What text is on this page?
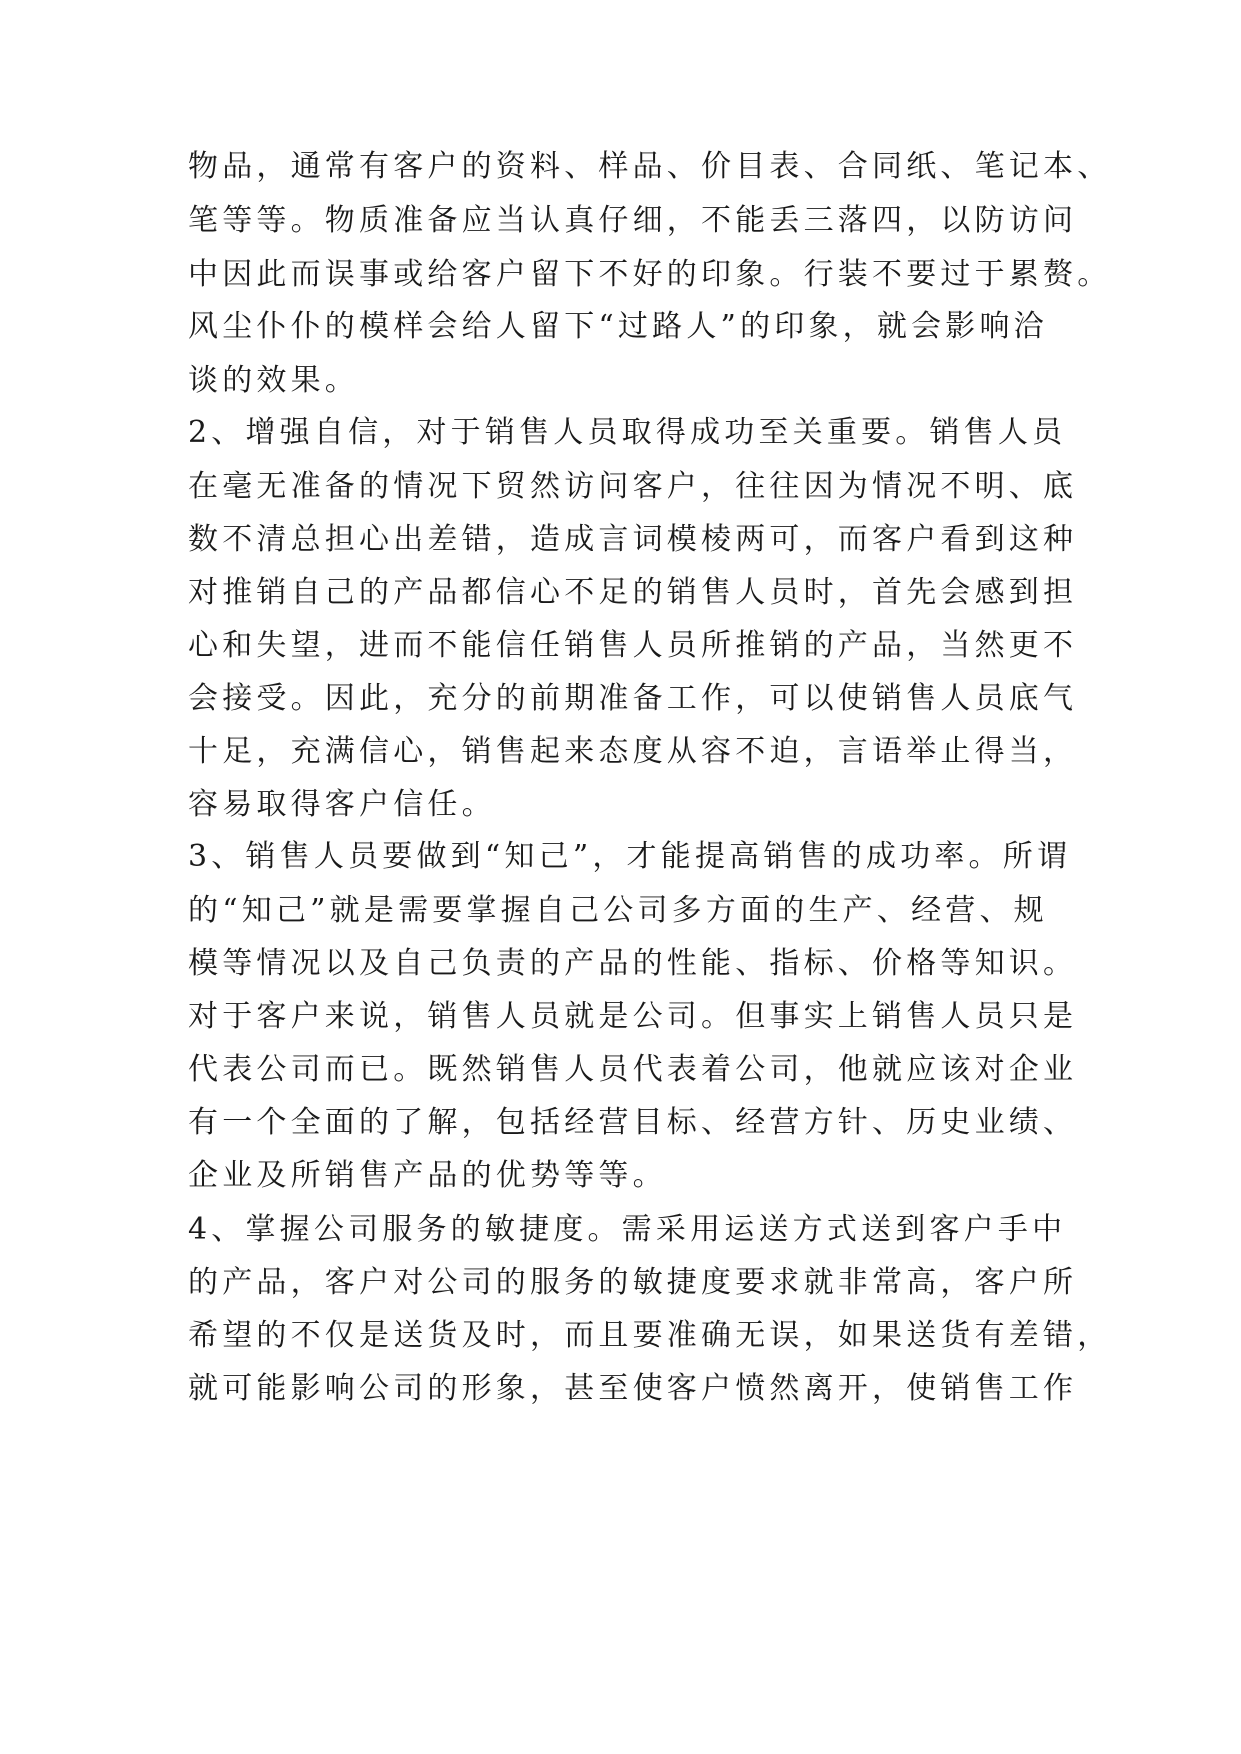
物品，通常有客户的资料、样品、价目表、合同纸、笔记本、
笔等等。物质准备应当认真仔细，不能丢三落四，以防访问
中因此而误事或给客户留下不好的印象。行装不要过于累赘。
风尘仆仆的模样会给人留下“过路人”的印象，就会影响洽
谈的效果。
2、增强自信，对于销售人员取得成功至关重要。销售人员
在毫无准备的情况下贸然访问客户，往往因为情况不明、底
数不清总担心出差错，造成言词模棱两可，而客户看到这种
对推销自己的产品都信心不足的销售人员时，首先会感到担
心和失望，进而不能信任销售人员所推销的产品，当然更不
会接受。因此，充分的前期准备工作，可以使销售人员底气
十足，充满信心，销售起来态度从容不迫，言语举止得当，
容易取得客户信任。
3、销售人员要做到“知己”，才能提高销售的成功率。所谓
的“知己”就是需要掌握自己公司多方面的生产、经营、规
模等情况以及自己负责的产品的性能、指标、价格等知识。
对于客户来说，销售人员就是公司。但事实上销售人员只是
代表公司而已。既然销售人员代表着公司，他就应该对企业
有一个全面的了解，包括经营目标、经营方针、历史业绩、
企业及所销售产品的优势等等。
4、掌握公司服务的敏捷度。需采用运送方式送到客户手中
的产品，客户对公司的服务的敏捷度要求就非常高，客户所
希望的不仅是送货及时，而且要准确无误，如果送货有差错，
就可能影响公司的形象，甚至使客户愤然离开，使销售工作
